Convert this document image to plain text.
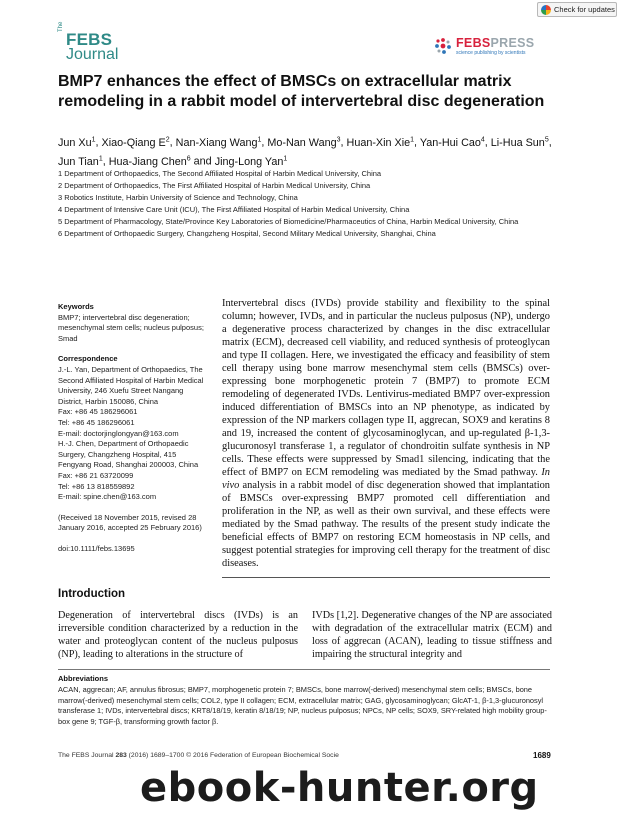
Check for updates
The
FEBS
Journal
FEBSPRESS
science publishing by scientists
BMP7 enhances the effect of BMSCs on extracellular matrix remodeling in a rabbit model of intervertebral disc degeneration
Jun Xu$^1$, Xiao-Qiang $E^2$, Nan-Xiang Wang$^1$, Mo-Nan Wang$^3$, Huan-Xin Xie$^1$, Yan-Hui Cao$^4$, Li-Hua Sun$^5$, Jun Tian$^1$, Hua-Jiang Chen$^6$ and Jing-Long Yan$^1$
1 Department of Orthopaedics, The Second Affiliated Hospital of Harbin Medical University, China
2 Department of Orthopaedics, The First Affiliated Hospital of Harbin Medical University, China
3 Robotics Institute, Harbin University of Science and Technology, China
4 Department of Intensive Care Unit (ICU), The First Affiliated Hospital of Harbin Medical University, China
5 Department of Pharmacology, State/Province Key Laboratories of Biomedicine/Pharmaceutics of China, Harbin Medical University, China
6 Department of Orthopaedic Surgery, Changzheng Hospital, Second Military Medical University, Shanghai, China
Keywords
BMP7; intervertebral disc degeneration;
mesenchymal stem cells; nucleus pulposus;
Smad
Correspondence
J.-L. Yan, Department of Orthopaedics, The
Second Affiliated Hospital of Harbin Medical
University, 246 Xuefu Street Nangang
District, Harbin 150086, China
Fax: +86 45 186296061
Tel: +86 45 186296061
E-mail: doctorjinglongyan@163.com
H.-J. Chen, Department of Orthopaedic
Surgery, Changzheng Hospital, 415
Fengyang Road, Shanghai 200003, China
Fax: +86 21 63720099
Tel: +86 13 818559892
E-mail: spine.chen@163.com
(Received 18 November 2015, revised 28
January 2016, accepted 25 February 2016)
doi:10.1111/febs.13695

Intervertebral discs (IVDs) provide stability and flexibility to the spinal column; however, IVDs, and in particular the nucleus pulposus (NP), undergo a degenerative process characterized by changes in the disc extracellular matrix (ECM), decreased cell viability, and reduced synthesis of proteoglycan and type II collagen. Here, we investigated the efficacy and feasibility of stem cell therapy using bone marrow mesenchymal stem cells (BMSCs) over-expressing bone morphogenetic protein 7 (BMP7) to promote ECM remodeling of degenerated IVDs. Lentivirus-mediated BMP7 over-expression induced differentiation of BMSCs into an NP phenotype, as indicated by expression of the NP markers collagen type II, aggrecan, SOX9 and keratins 8 and 19, increased the content of glycosaminoglycan, and up-regulated β-1,3-glucuronosyl transferase 1, a regulator of chondroitin sulfate synthesis in NP cells. These effects were suppressed by Smad1 silencing, indicating that the effect of BMP7 on ECM remodeling was mediated by the Smad pathway. In vivo analysis in a rabbit model of disc degeneration showed that implantation of BMSCs over-expressing BMP7 promoted cell differentiation and proliferation in the NP, as well as their own survival, and these effects were mediated by the Smad pathway. The results of the present study indicate the beneficial effects of BMP7 on restoring ECM homeostasis in NP cells, and suggest potential strategies for improving cell therapy for the treatment of disc diseases.

Introduction

Degeneration of intervertebral discs (IVDs) is an irreversible condition characterized by a reduction in the water and proteoglycan content of the nucleus pulposus (NP), leading to alterations in the structure of

IVDs [1,2]. Degenerative changes of the NP are associated with degradation of the extracellular matrix (ECM) and loss of aggrecan (ACAN), leading to tissue stiffness and impairing the structural integrity and

Abbreviations

ACAN, aggrecan; AF, annulus fibrosus; BMP7, morphogenetic protein 7; BMSCs, bone marrow(-derived) mesenchymal stem cells; BMSCs, bone marrow(-derived) mesenchymal stem cells; COL2, type II collagen; ECM, extracellular matrix; GAG, glycosaminoglycan; GlcAT-1, β-1,3-glucuronosyl transferase 1; IVDs, intervertebral discs; KRT8/18/19, keratin 8/18/19; NP, nucleus pulposus; NPCs, NP cells; SOX9, SRY-related high mobility group-box gene 9; TGF-β, transforming growth factor β.

The FEBS Journal 283 (2016) 1689–1700 © 2016 Federation of European Biochemical Socie	1689
ebook-hunter.org
